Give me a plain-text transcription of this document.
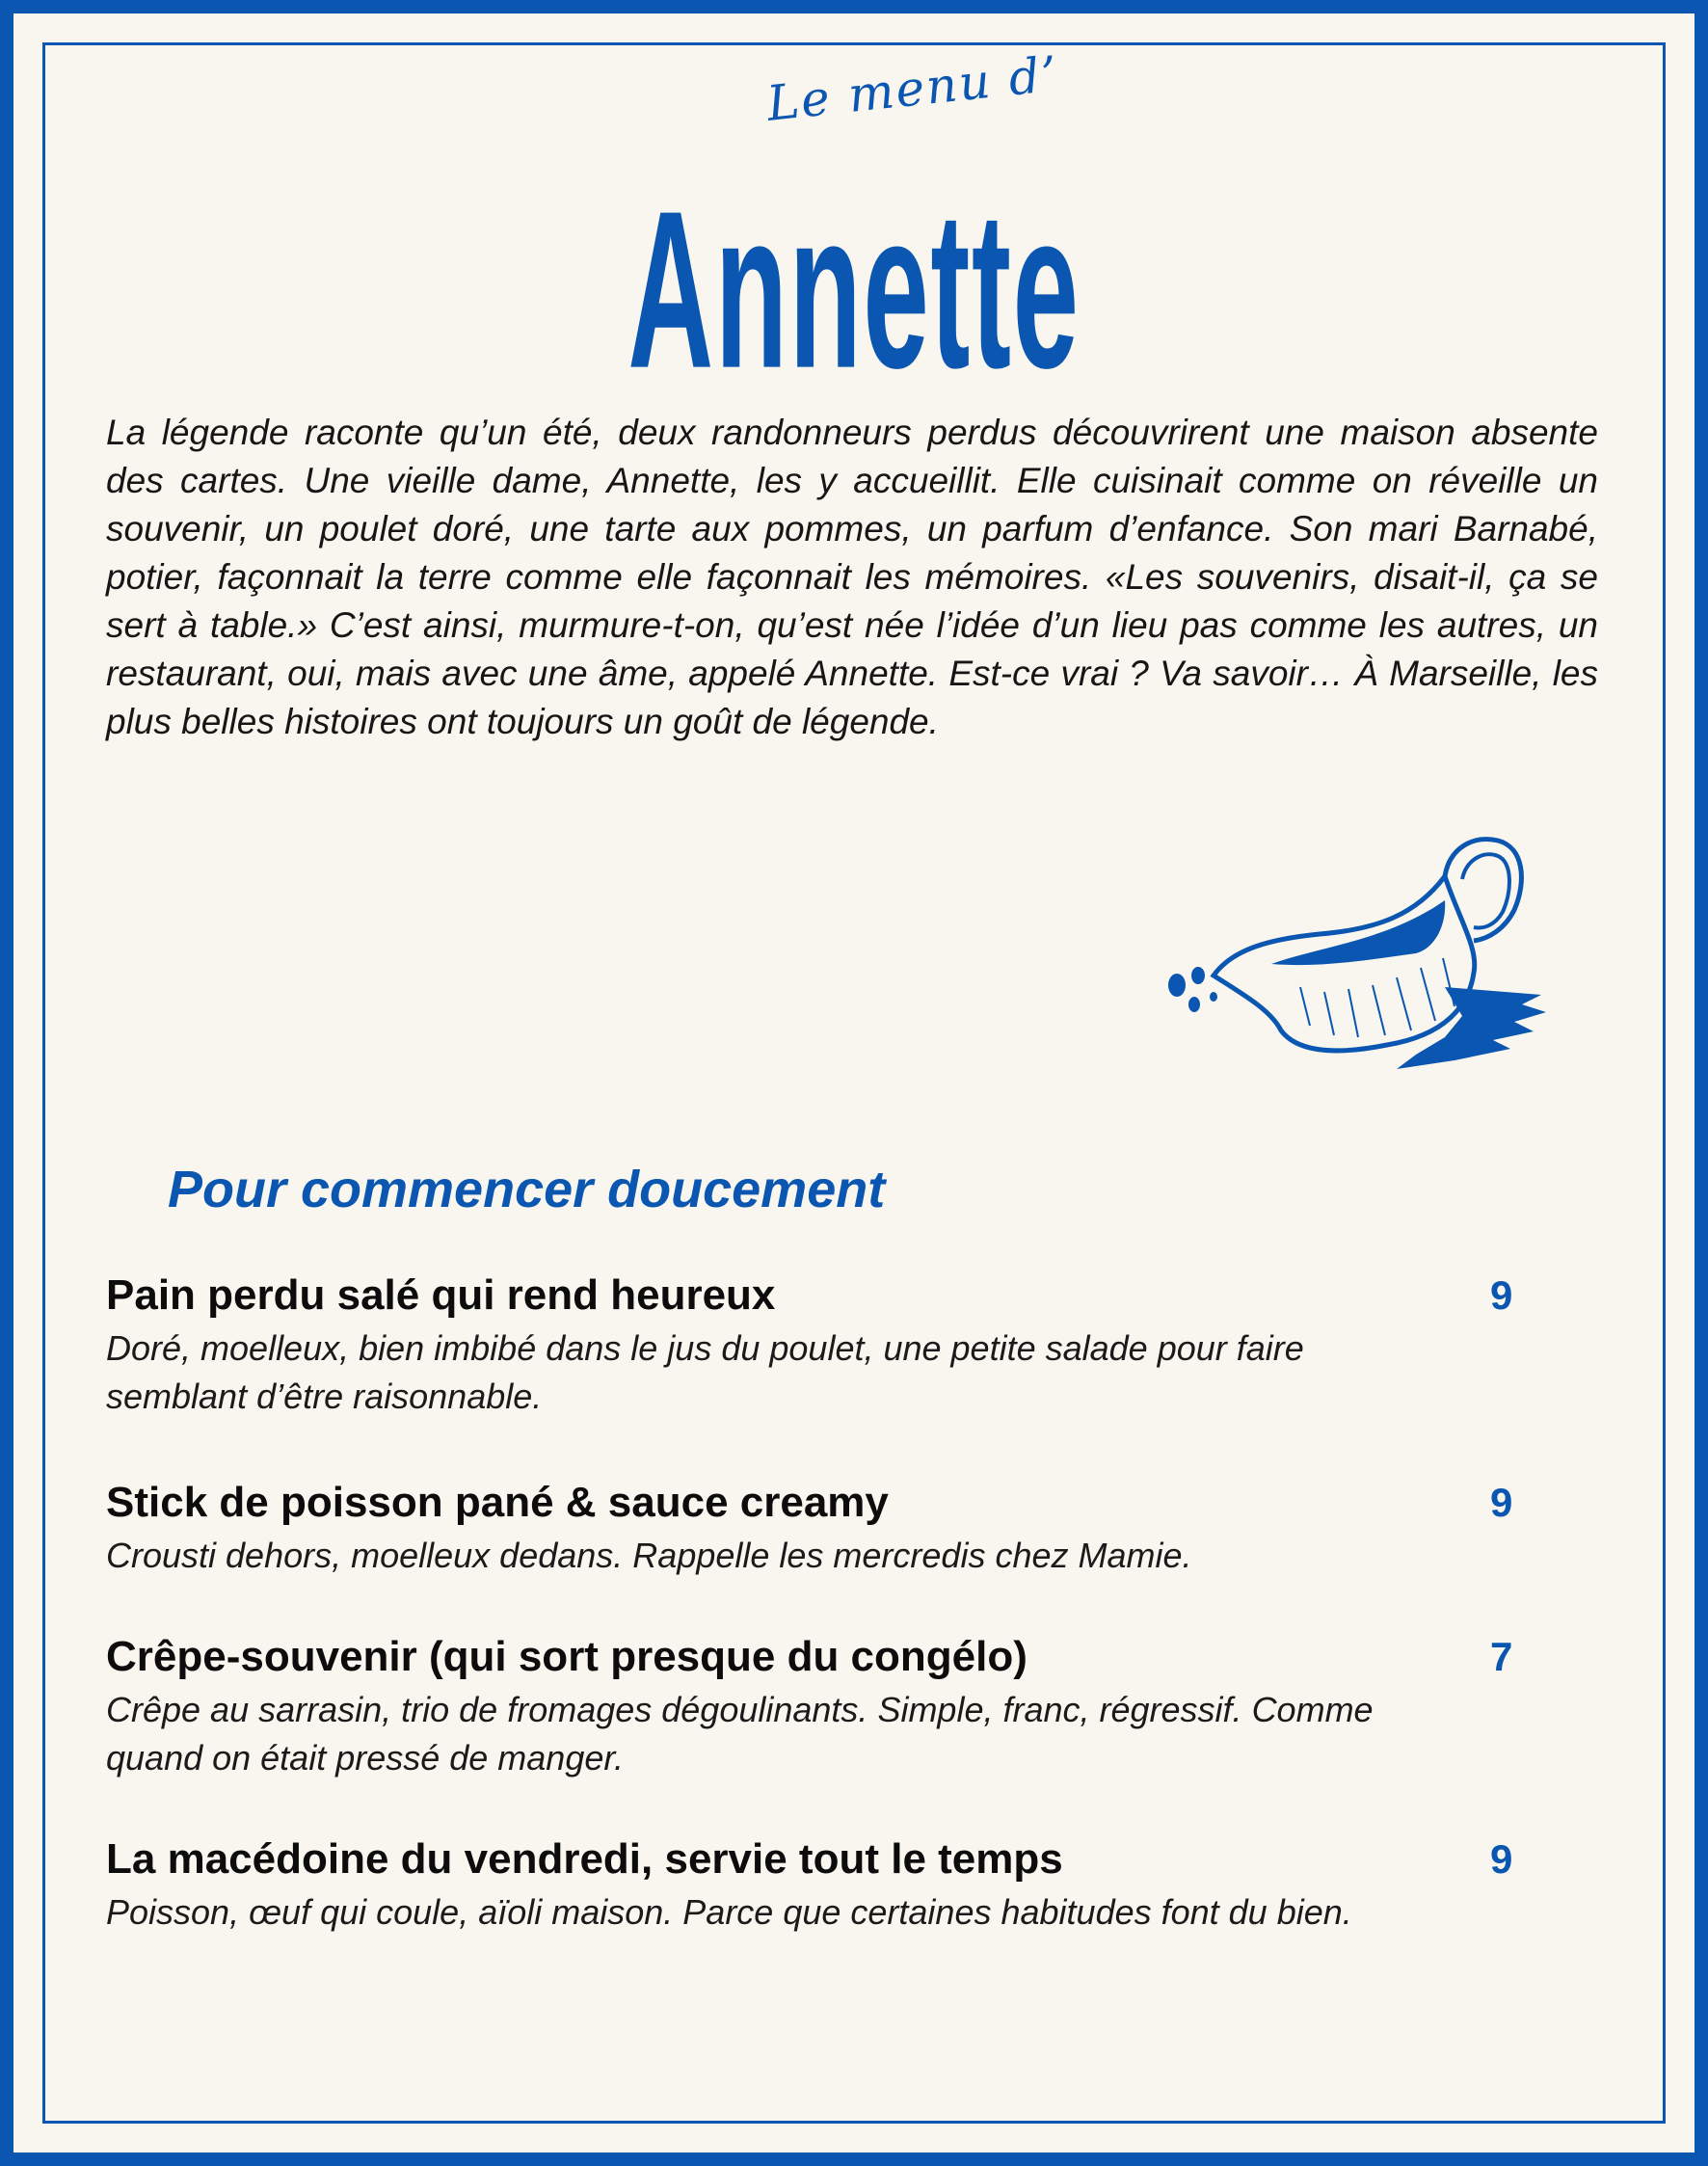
Le menu d’
Annette

La légende raconte qu’un été, deux randonneurs perdus découvrirent une maison absente des cartes. Une vieille dame, Annette, les y accueillit. Elle cuisinait comme on réveille un souvenir, un poulet doré, une tarte aux pommes, un parfum d’enfance. Son mari Barnabé, potier, façonnait la terre comme elle façonnait les mémoires. «Les souvenirs, disait-il, ça se sert à table.» C’est ainsi, murmure-t-on, qu’est née l’idée d’un lieu pas comme les autres, un restaurant, oui, mais avec une âme, appelé Annette. Est-ce vrai ? Va savoir… À Marseille, les plus belles histoires ont toujours un goût de légende.

Pour commencer doucement
Pain perdu salé qui rend heureux
Doré, moelleux, bien imbibé dans le jus du poulet, une petite salade pour faire semblant d’être raisonnable.
9
Stick de poisson pané & sauce creamy
Crousti dehors, moelleux dedans. Rappelle les mercredis chez Mamie.
9
Crêpe-souvenir (qui sort presque du congélo)
Crêpe au sarrasin, trio de fromages dégoulinants. Simple, franc, régressif. Comme quand on était pressé de manger.
7
La macédoine du vendredi, servie tout le temps
Poisson, œuf qui coule, aïoli maison. Parce que certaines habitudes font du bien.
9
